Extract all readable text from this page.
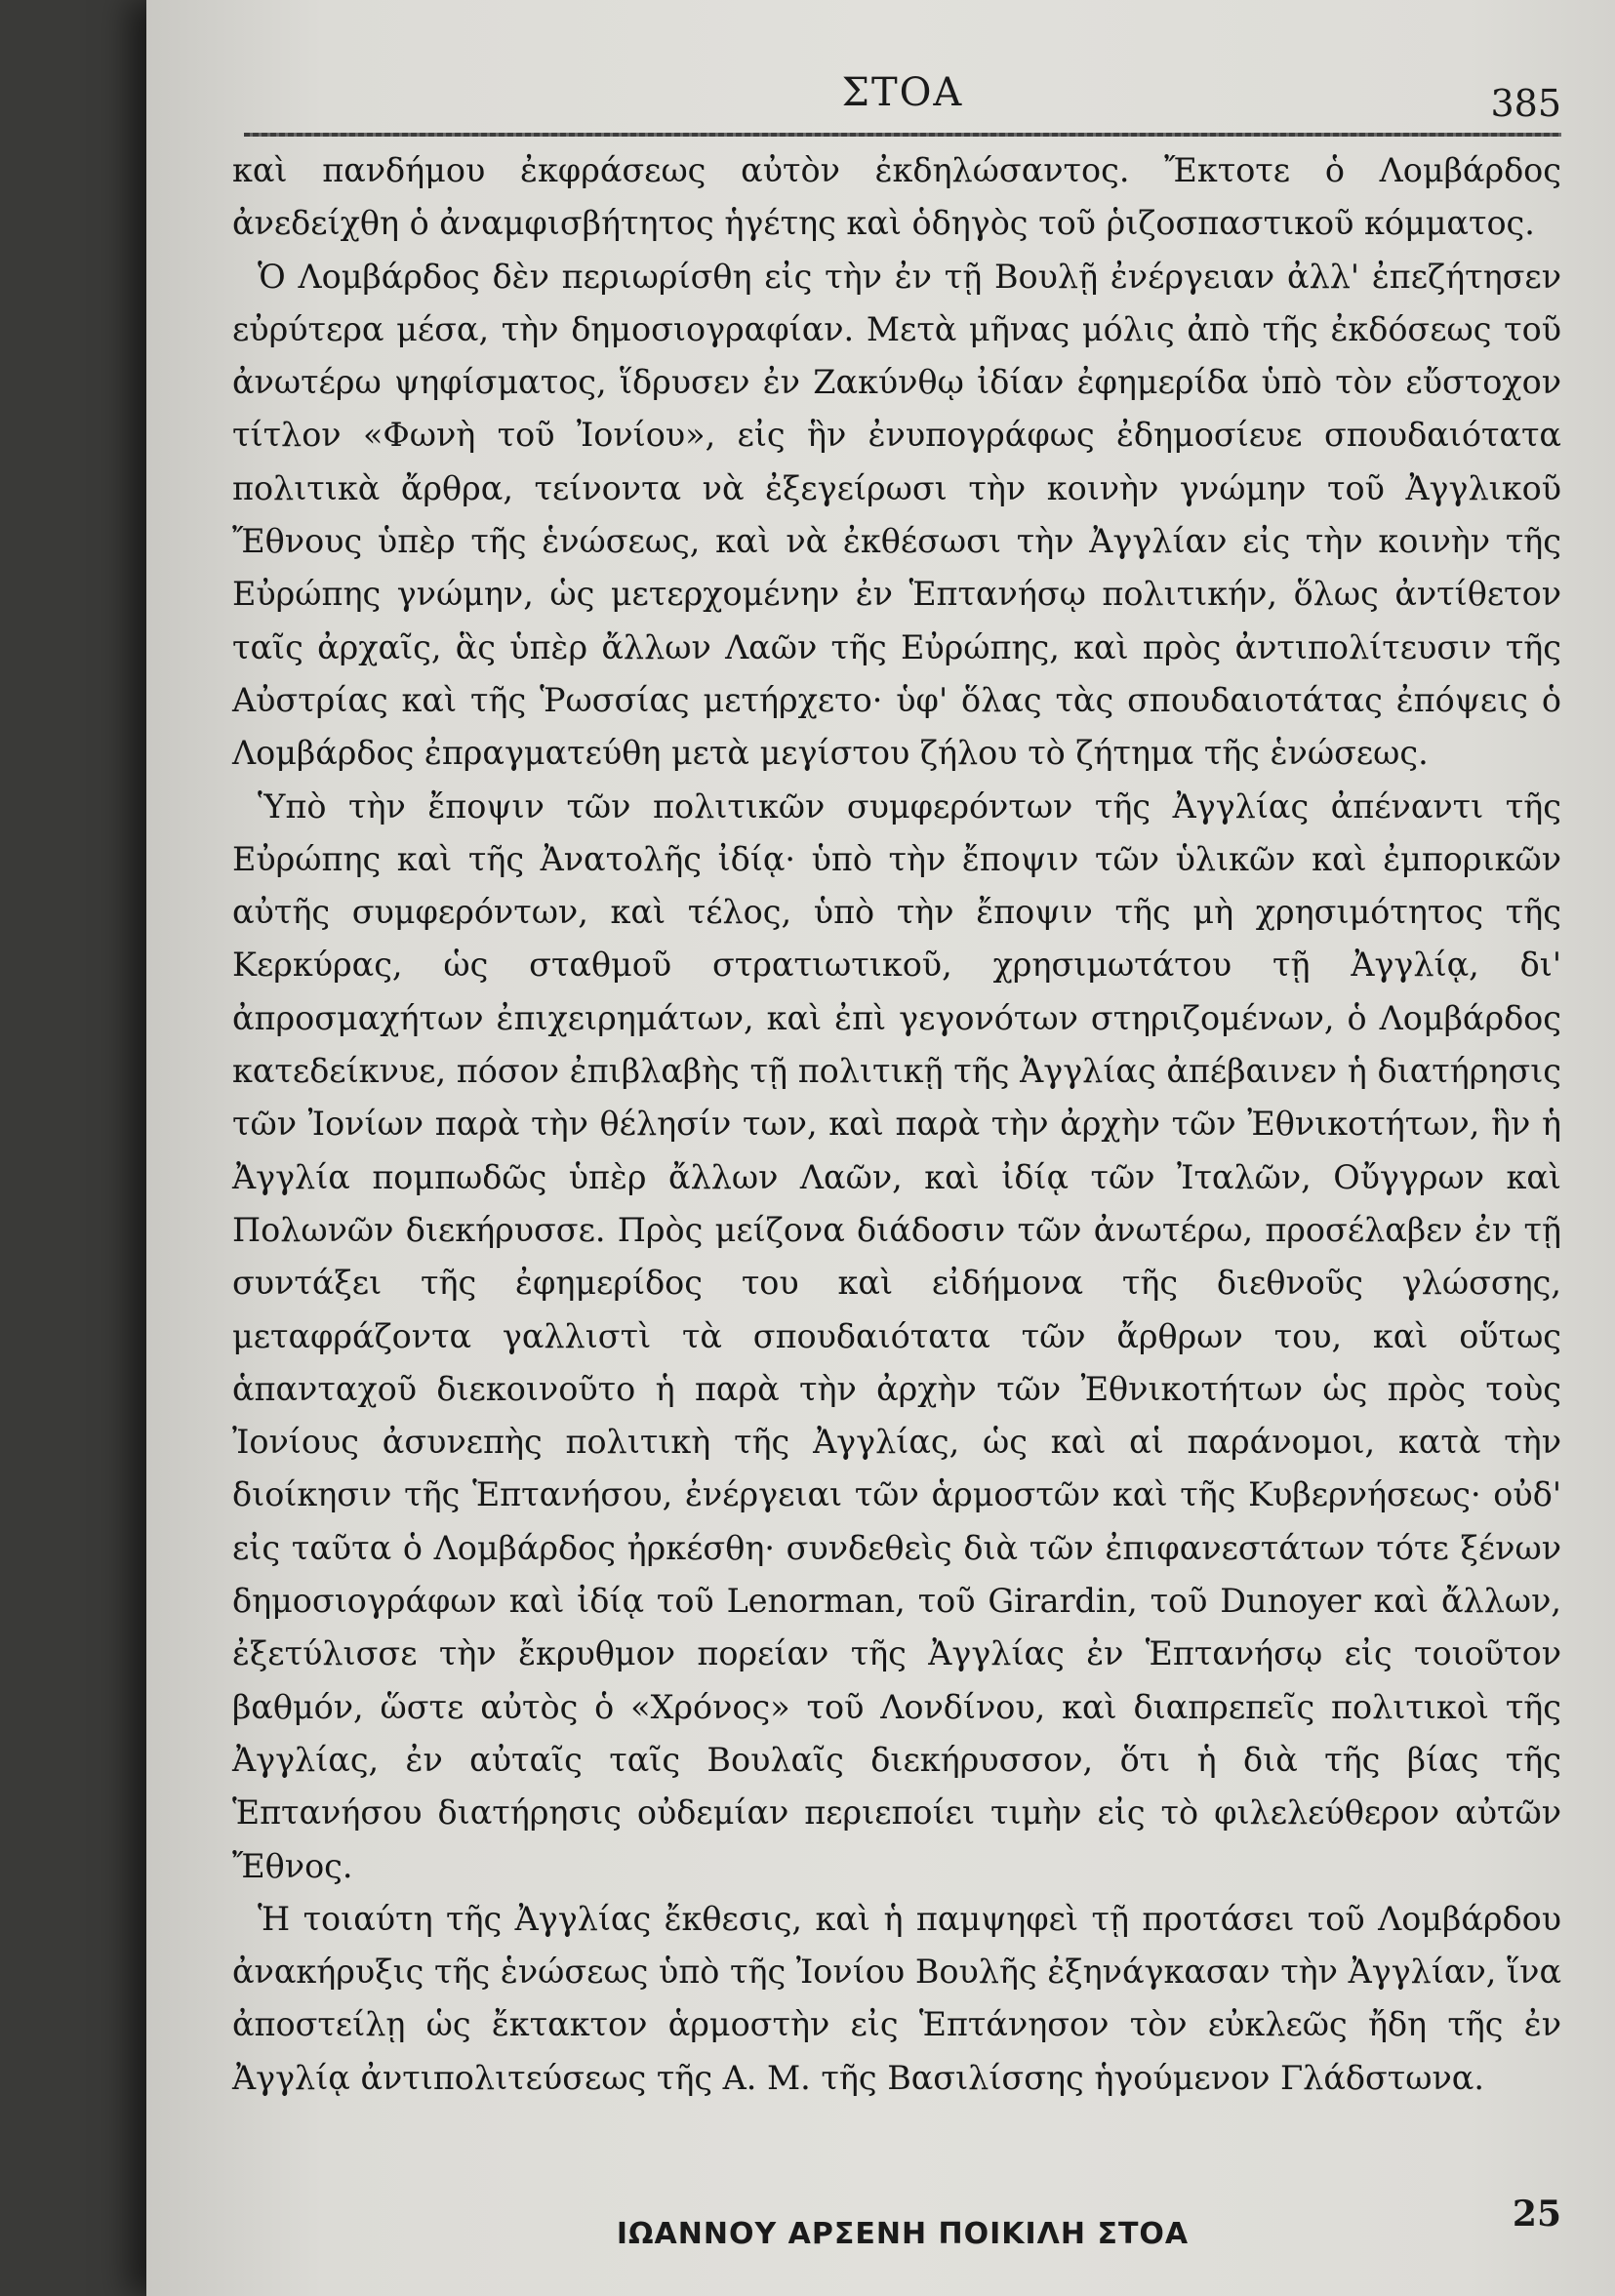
ΣΤΟΑ	385

καὶ πανδήμου ἐκφράσεως αὐτὸν ἐκδηλώσαντος. Ἔκτοτε ὁ Λομβάρδος ἀνεδείχθη ὁ ἀναμφισβήτητος ἡγέτης καὶ ὁδηγὸς τοῦ ῥιζοσπαστικοῦ κόμματος.

Ὁ Λομβάρδος δὲν περιωρίσθη εἰς τὴν ἐν τῇ Βουλῇ ἐνέργειαν ἀλλ' ἐπεζήτησεν εὐρύτερα μέσα, τὴν δημοσιογραφίαν. Μετὰ μῆνας μόλις ἀπὸ τῆς ἐκδόσεως τοῦ ἀνωτέρω ψηφίσματος, ἵδρυσεν ἐν Ζακύνθῳ ἰδίαν ἐφημερίδα ὑπὸ τὸν εὔστοχον τίτλον «Φωνὴ τοῦ Ἰονίου», εἰς ἣν ἐνυπογράφως ἐδημοσίευε σπουδαιότατα πολιτικὰ ἄρθρα, τείνοντα νὰ ἐξεγείρωσι τὴν κοινὴν γνώμην τοῦ Ἀγγλικοῦ Ἔθνους ὑπὲρ τῆς ἑνώσεως, καὶ νὰ ἐκθέσωσι τὴν Ἀγγλίαν εἰς τὴν κοινὴν τῆς Εὐρώπης γνώμην, ὡς μετερχομένην ἐν Ἑπτανήσῳ πολιτικήν, ὅλως ἀντίθετον ταῖς ἀρχαῖς, ἃς ὑπὲρ ἄλλων Λαῶν τῆς Εὐρώπης, καὶ πρὸς ἀντιπολίτευσιν τῆς Αὐστρίας καὶ τῆς Ῥωσσίας μετήρχετο· ὑφ' ὅλας τὰς σπουδαιοτάτας ἐπόψεις ὁ Λομβάρδος ἐπραγματεύθη μετὰ μεγίστου ζήλου τὸ ζήτημα τῆς ἑνώσεως.

Ὑπὸ τὴν ἔποψιν τῶν πολιτικῶν συμφερόντων τῆς Ἀγγλίας ἀπέναντι τῆς Εὐρώπης καὶ τῆς Ἀνατολῆς ἰδίᾳ· ὑπὸ τὴν ἔποψιν τῶν ὑλικῶν καὶ ἐμπορικῶν αὐτῆς συμφερόντων, καὶ τέλος, ὑπὸ τὴν ἔποψιν τῆς μὴ χρησιμότητος τῆς Κερκύρας, ὡς σταθμοῦ στρατιωτικοῦ, χρησιμωτάτου τῇ Ἀγγλίᾳ, δι' ἀπροσμαχήτων ἐπιχειρημάτων, καὶ ἐπὶ γεγονότων στηριζομένων, ὁ Λομβάρδος κατεδείκνυε, πόσον ἐπιβλαβὴς τῇ πολιτικῇ τῆς Ἀγγλίας ἀπέβαινεν ἡ διατήρησις τῶν Ἰονίων παρὰ τὴν θέλησίν των, καὶ παρὰ τὴν ἀρχὴν τῶν Ἐθνικοτήτων, ἣν ἡ Ἀγγλία πομπωδῶς ὑπὲρ ἄλλων Λαῶν, καὶ ἰδίᾳ τῶν Ἰταλῶν, Οὔγγρων καὶ Πολωνῶν διεκήρυσσε. Πρὸς μείζονα διάδοσιν τῶν ἀνωτέρω, προσέλαβεν ἐν τῇ συντάξει τῆς ἐφημερίδος του καὶ εἰδήμονα τῆς διεθνοῦς γλώσσης, μεταφράζοντα γαλλιστὶ τὰ σπουδαιότατα τῶν ἄρθρων του, καὶ οὕτως ἁπανταχοῦ διεκοινοῦτο ἡ παρὰ τὴν ἀρχὴν τῶν Ἐθνικοτήτων ὡς πρὸς τοὺς Ἰονίους ἀσυνεπὴς πολιτικὴ τῆς Ἀγγλίας, ὡς καὶ αἱ παράνομοι, κατὰ τὴν διοίκησιν τῆς Ἑπτανήσου, ἐνέργειαι τῶν ἁρμοστῶν καὶ τῆς Κυβερνήσεως· οὐδ' εἰς ταῦτα ὁ Λομβάρδος ἠρκέσθη· συνδεθεὶς διὰ τῶν ἐπιφανεστάτων τότε ξένων δημοσιογράφων καὶ ἰδίᾳ τοῦ Lenorman, τοῦ Girardin, τοῦ Dunoyer καὶ ἄλλων, ἐξετύλισσε τὴν ἔκρυθμον πορείαν τῆς Ἀγγλίας ἐν Ἑπτανήσῳ εἰς τοιοῦτον βαθμόν, ὥστε αὐτὸς ὁ «Χρόνος» τοῦ Λονδίνου, καὶ διαπρεπεῖς πολιτικοὶ τῆς Ἀγγλίας, ἐν αὐταῖς ταῖς Βουλαῖς διεκήρυσσον, ὅτι ἡ διὰ τῆς βίας τῆς Ἑπτανήσου διατήρησις οὐδεμίαν περιεποίει τιμὴν εἰς τὸ φιλελεύθερον αὐτῶν Ἔθνος.

Ἡ τοιαύτη τῆς Ἀγγλίας ἔκθεσις, καὶ ἡ παμψηφεὶ τῇ προτάσει τοῦ Λομβάρδου ἀνακήρυξις τῆς ἑνώσεως ὑπὸ τῆς Ἰονίου Βουλῆς ἐξηνάγκασαν τὴν Ἀγγλίαν, ἵνα ἀποστείλῃ ὡς ἔκτακτον ἁρμοστὴν εἰς Ἑπτάνησον τὸν εὐκλεῶς ἤδη τῆς ἐν Ἀγγλίᾳ ἀντιπολιτεύσεως τῆς Α. Μ. τῆς Βασιλίσσης ἡγούμενον Γλάδστωνα.

ΙΩΑΝΝΟΥ ΑΡΣΕΝΗ ΠΟΙΚΙΛΗ ΣΤΟΑ	25
